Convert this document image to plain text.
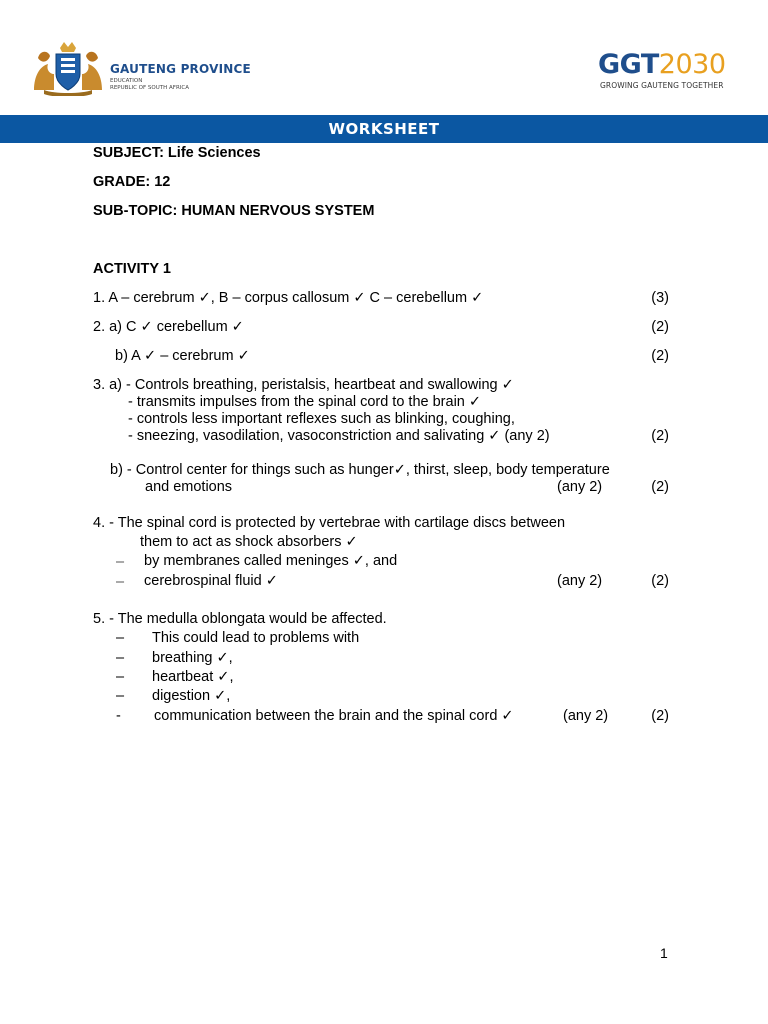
GAUTENG PROVINCE
EDUCATION
REPUBLIC OF SOUTH AFRICA
GGT2030
GROWING GAUTENG TOGETHER
WORKSHEET
SUBJECT: Life Sciences
GRADE: 12
SUB-TOPIC: HUMAN NERVOUS SYSTEM
ACTIVITY 1
1. A – cerebrum ✓, B – corpus callosum ✓ C – cerebellum ✓	(3)
2. a) C ✓ cerebellum ✓	(2)
b) A ✓ – cerebrum ✓	(2)
3. a) - Controls breathing, peristalsis, heartbeat and swallowing ✓
- transmits impulses from the spinal cord to the brain ✓
- controls less important reflexes such as blinking, coughing,
- sneezing, vasodilation, vasoconstriction and salivating ✓ (any 2)	(2)
b) - Control center for things such as hunger✓, thirst, sleep, body temperature
and emotions	(any 2)	(2)
4. - The spinal cord is protected by vertebrae with cartilage discs between
them to act as shock absorbers ✓
– by membranes called meninges ✓, and
– cerebrospinal fluid ✓	(any 2)	(2)
5. - The medulla oblongata would be affected.
– This could lead to problems with
– breathing ✓,
– heartbeat ✓,
– digestion ✓,
- communication between the brain and the spinal cord ✓	(any 2)	(2)
1
